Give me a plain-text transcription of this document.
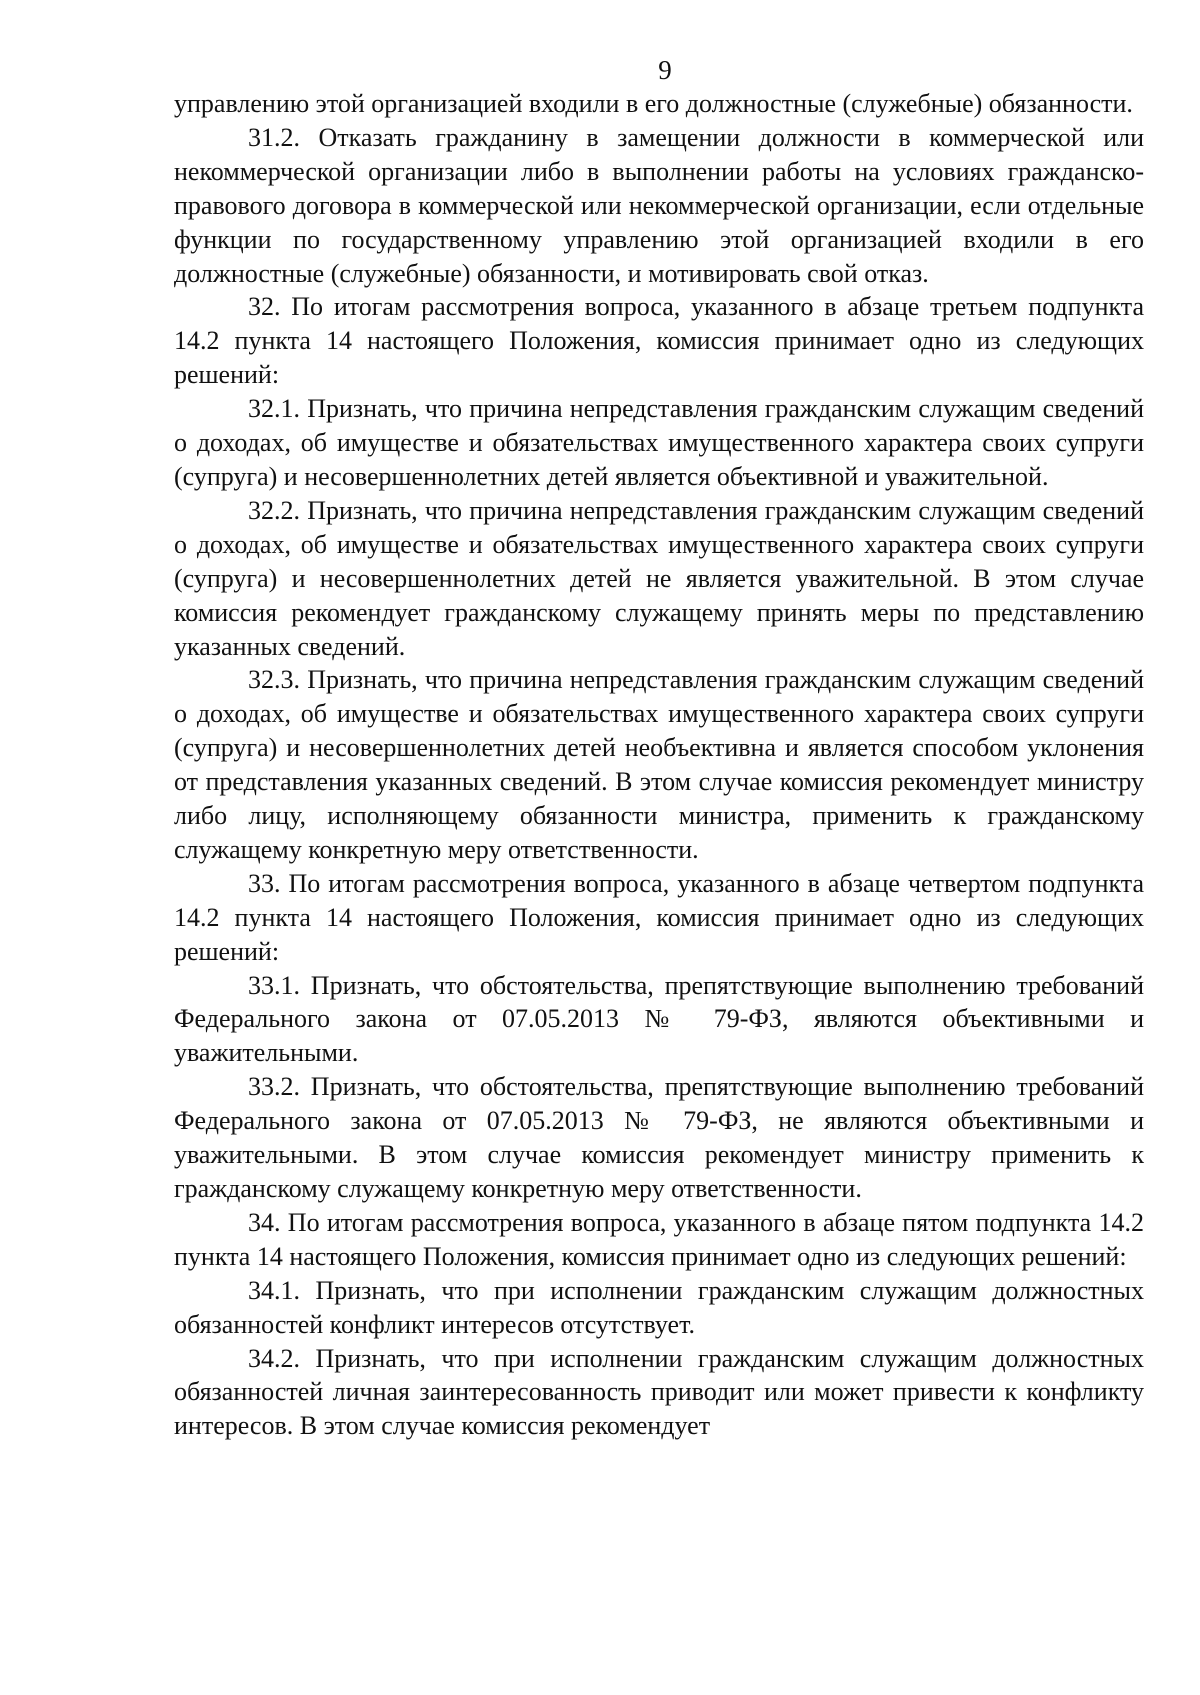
9

управлению этой организацией входили в его должностные (служебные) обязанности.

31.2. Отказать гражданину в замещении должности в коммерческой или некоммерческой организации либо в выполнении работы на условиях гражданско-правового договора в коммерческой или некоммерческой организации, если отдельные функции по государственному управлению этой организацией входили в его должностные (служебные) обязанности, и мотивировать свой отказ.

32. По итогам рассмотрения вопроса, указанного в абзаце третьем подпункта 14.2 пункта 14 настоящего Положения, комиссия принимает одно из следующих решений:

32.1. Признать, что причина непредставления гражданским служащим сведений о доходах, об имуществе и обязательствах имущественного характера своих супруги (супруга) и несовершеннолетних детей является объективной и уважительной.

32.2. Признать, что причина непредставления гражданским служащим сведений о доходах, об имуществе и обязательствах имущественного характера своих супруги (супруга) и несовершеннолетних детей не является уважительной. В этом случае комиссия рекомендует гражданскому служащему принять меры по представлению указанных сведений.

32.3. Признать, что причина непредставления гражданским служащим сведений о доходах, об имуществе и обязательствах имущественного характера своих супруги (супруга) и несовершеннолетних детей необъективна и является способом уклонения от представления указанных сведений. В этом случае комиссия рекомендует министру либо лицу, исполняющему обязанности министра, применить к гражданскому служащему конкретную меру ответственности.

33. По итогам рассмотрения вопроса, указанного в абзаце четвертом подпункта 14.2 пункта 14 настоящего Положения, комиссия принимает одно из следующих решений:

33.1. Признать, что обстоятельства, препятствующие выполнению требований Федерального закона от 07.05.2013 № 79-ФЗ, являются объективными и уважительными.

33.2. Признать, что обстоятельства, препятствующие выполнению требований Федерального закона от 07.05.2013 № 79-ФЗ, не являются объективными и уважительными. В этом случае комиссия рекомендует министру применить к гражданскому служащему конкретную меру ответственности.

34. По итогам рассмотрения вопроса, указанного в абзаце пятом подпункта 14.2 пункта 14 настоящего Положения, комиссия принимает одно из следующих решений:

34.1. Признать, что при исполнении гражданским служащим должностных обязанностей конфликт интересов отсутствует.

34.2. Признать, что при исполнении гражданским служащим должностных обязанностей личная заинтересованность приводит или может привести к конфликту интересов. В этом случае комиссия рекомендует
